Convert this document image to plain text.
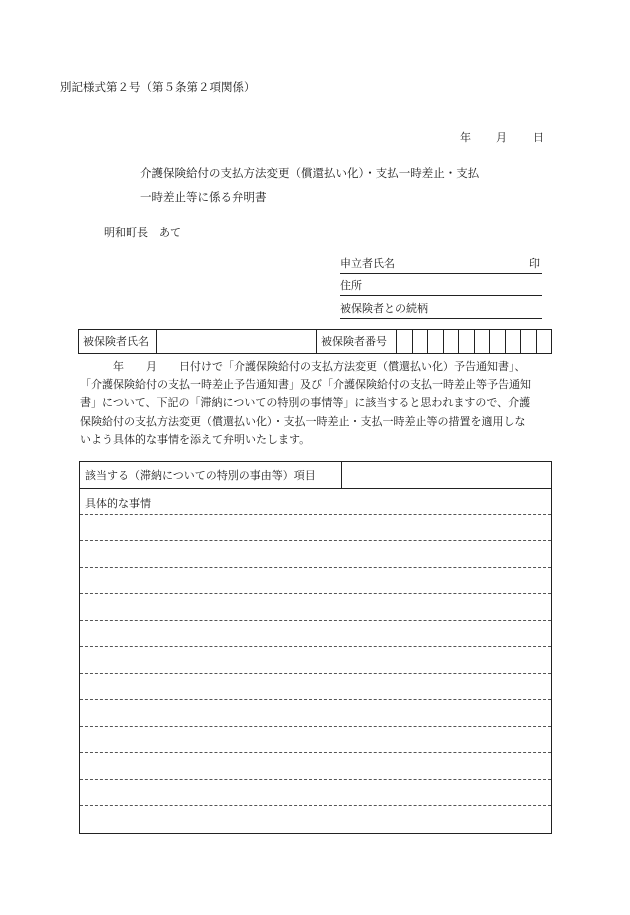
別記様式第２号（第５条第２項関係）
年 月 日
介護保険給付の支払方法変更（償還払い化）・支払一時差止・支払
一時差止等に係る弁明書
明和町長　あて
申立者氏名	印
住所
被保険者との続柄
被保険者氏名	被保険者番号
　　　年　　月　　日付けで「介護保険給付の支払方法変更（償還払い化）予告通知書」、
「介護保険給付の支払一時差止予告通知書」及び「介護保険給付の支払一時差止等予告通知
書」について、下記の「滞納についての特別の事情等」に該当すると思われますので、介護
保険給付の支払方法変更（償還払い化）・支払一時差止・支払一時差止等の措置を適用しな
いよう具体的な事情を添えて弁明いたします。
該当する（滞納についての特別の事由等）項目
具体的な事情
